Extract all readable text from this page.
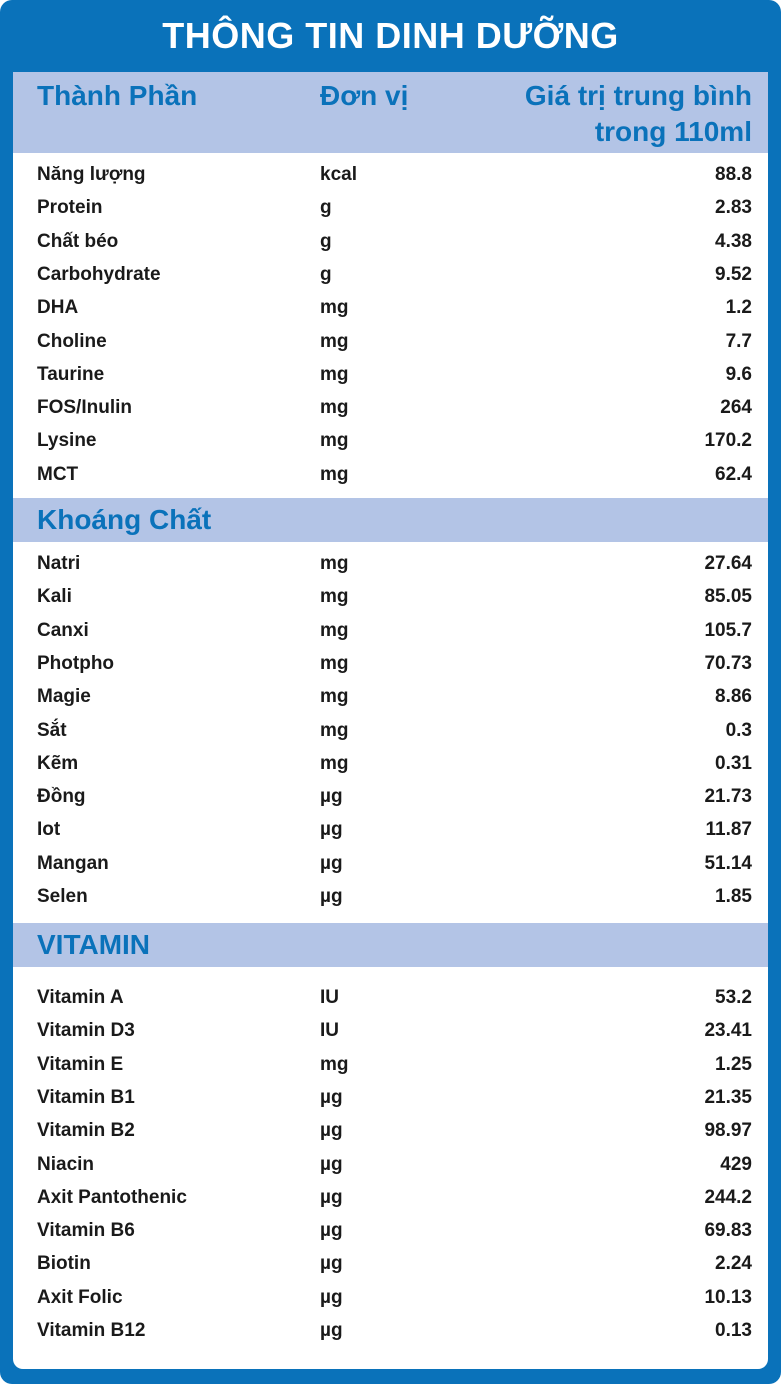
THÔNG TIN DINH DƯỠNG
Thành Phần	Đơn vị	Giá trị trung bình
trong 110ml
Năng lượng	kcal	88.8
Protein	g	2.83
Chất béo	g	4.38
Carbohydrate	g	9.52
DHA	mg	1.2
Choline	mg	7.7
Taurine	mg	9.6
FOS/Inulin	mg	264
Lysine	mg	170.2
MCT	mg	62.4
Khoáng Chất
Natri	mg	27.64
Kali	mg	85.05
Canxi	mg	105.7
Photpho	mg	70.73
Magie	mg	8.86
Sắt	mg	0.3
Kẽm	mg	0.31
Đồng	µg	21.73
Iot	µg	11.87
Mangan	µg	51.14
Selen	µg	1.85
VITAMIN
Vitamin A	IU	53.2
Vitamin D3	IU	23.41
Vitamin E	mg	1.25
Vitamin B1	µg	21.35
Vitamin B2	µg	98.97
Niacin	µg	429
Axit Pantothenic	µg	244.2
Vitamin B6	µg	69.83
Biotin	µg	2.24
Axit Folic	µg	10.13
Vitamin B12	µg	0.13
